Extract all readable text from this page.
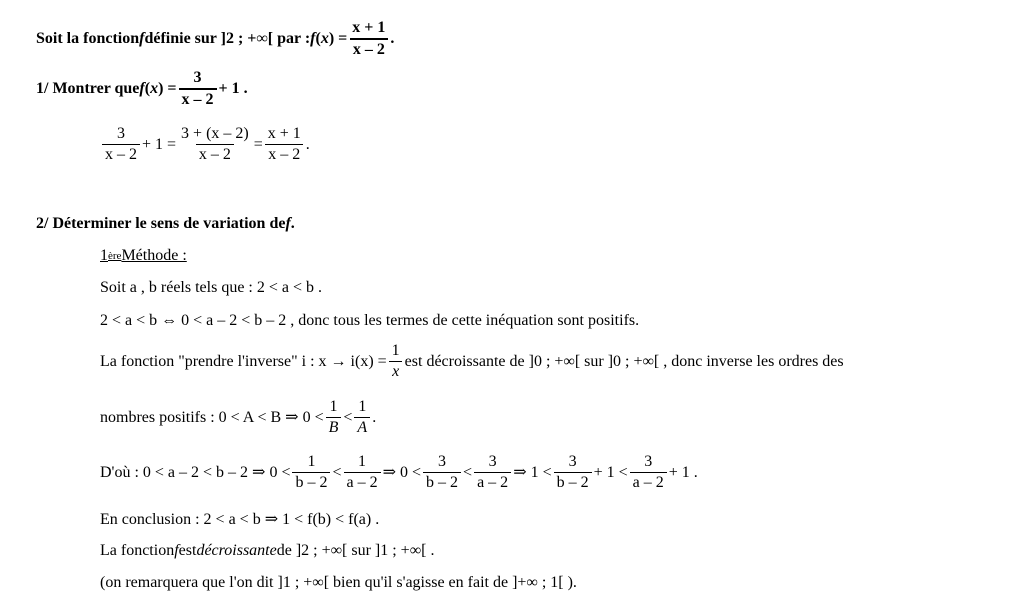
Soit la fonction f définie sur ]2 ; +∞[ par : f ( x ) = $\frac{x + 1}{x - 2}$ .
1/ Montrer que f ( x ) = $\frac{3}{x - 2} + 1$ .
$\frac{3}{x - 2} + 1 = \frac{3 + (x - 2)}{x - 2} = \frac{x + 1}{x - 2}$ .
2/ Déterminer le sens de variation de f .
1 ère Méthode :
Soit a , b réels tels que : 2 < a < b .
2 < a < b ⇔ 0 < a – 2 < b – 2 , donc tous les termes de cette inéquation sont positifs.
La fonction "prendre l'inverse" i : $x \to i(x) = \frac{1}{x}$ est décroissante de ]0 ; +∞[ sur ]0 ; +∞[ , donc inverse les ordres des
nombres positifs : 0 < A < B ⇒ $0 < \frac{1}{B} < \frac{1}{A}$ .
D'où : 0 < a – 2 < b – 2 ⇒ $0 < \frac{1}{b - 2} < \frac{1}{a - 2}$ ⇒ $0 < \frac{3}{b - 2} < \frac{3}{a - 2}$ ⇒ $1 < \frac{3}{b - 2} + 1 < \frac{3}{a - 2} + 1$ .
En conclusion : 2 < a < b ⇒ 1 < f(b) < f(a) .
La fonction f est décroissante de ]2 ; +∞[ sur ]1 ; +∞[ .
(on remarquera que l'on dit ]1 ; +∞[ bien qu'il s'agisse en fait de ]+∞ ; 1[ ).
